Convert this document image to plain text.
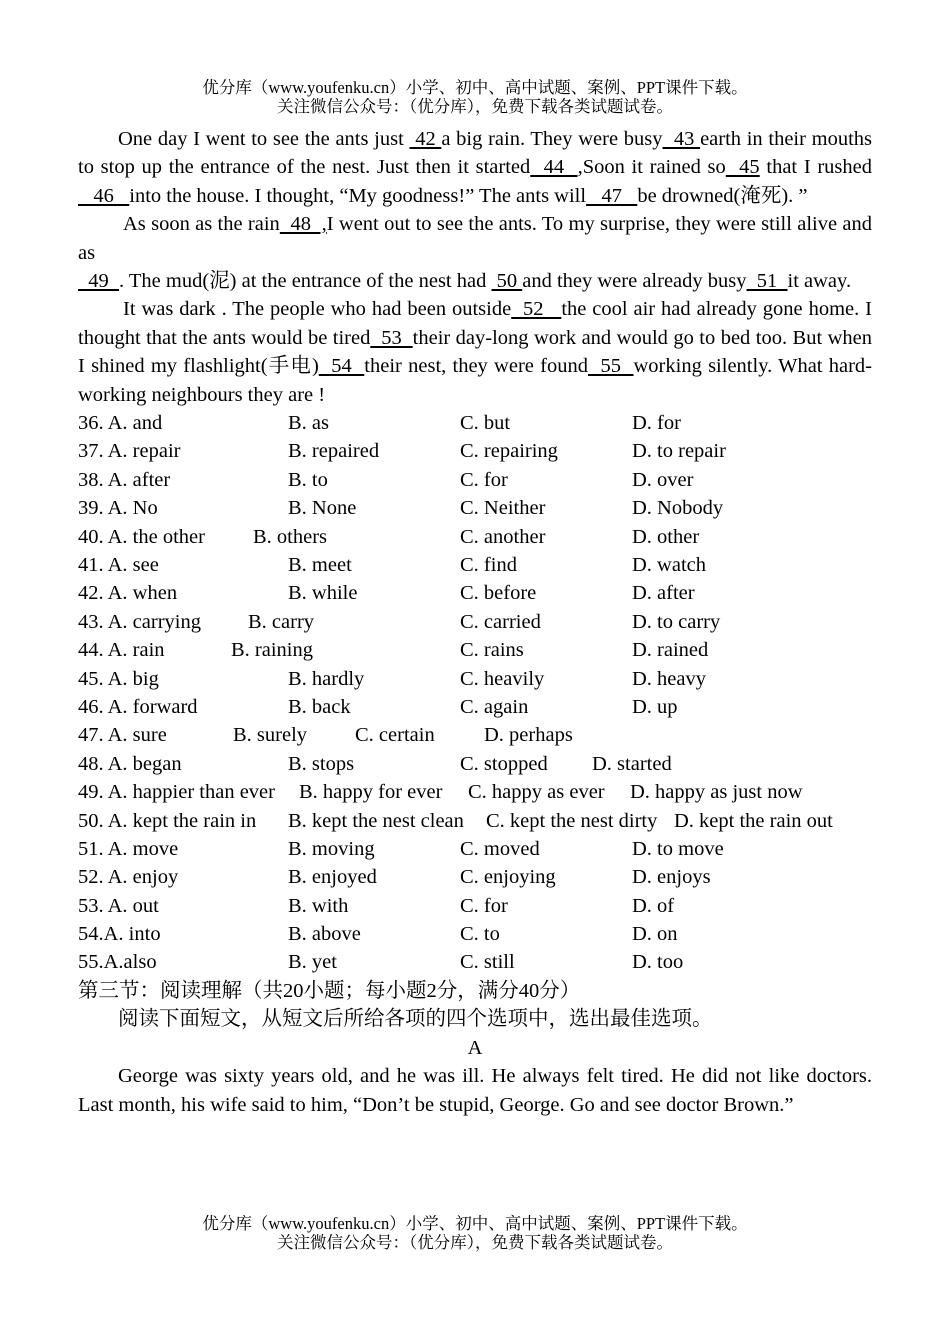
优分库（www.youfenku.cn）小学、初中、高中试题、案例、PPT课件下载。
关注微信公众号：（优分库），免费下载各类试题试卷。

One day I went to see the ants just  42 a big rain. They were busy  43 earth in their mouths to stop up the entrance of the nest. Just then it started  44  ,Soon it rained so  45 that I rushed   46   into the house. I thought, “My goodness!” The ants will   47   be drowned(淹死). ”

As soon as the rain  48  ,I went out to see the ants. To my surprise, they were still alive and as

49  . The mud(泥) at the entrance of the nest had  50 and they were already busy  51  it away.

It was dark . The people who had been outside  52   the cool air had already gone home. I thought that the ants would be tired  53  their day-long work and would go to bed too. But when I shined my flashlight(手电)  54  their nest, they were found  55  working silently. What hard-working neighbours they are !

36. A. and	B. as	C. but	D. for
37. A. repair	B. repaired	C. repairing	D. to repair
38. A. after	B. to	C. for	D. over
39. A. No	B. None	C. Neither	D. Nobody
40. A. the other B. others	C. another	D. other
41. A. see	B. meet	C. find	D. watch
42. A. when	B. while	C. before	D. after
43. A. carrying B. carry	C. carried	D. to carry
44. A. rain	B. raining	C. rains	D. rained
45. A. big	B. hardly	C. heavily	D. heavy
46. A. forward	B. back	C. again	D. up
47. A. sure	B. surely C. certain D. perhaps
48. A. began	B. stops	C. stopped D. started
49. A. happier than ever B. happy for ever C. happy as ever D. happy as just now
50. A. kept the rain in B. kept the nest clean C. kept the nest dirty D. kept the rain out
51. A. move	B. moving	C. moved	D. to move
52. A. enjoy	B. enjoyed	C. enjoying	D. enjoys
53. A. out	B. with	C. for	D. of
54.A. into	B. above	C. to	D. on
55.A.also	B. yet	C. still	D. too

第三节：阅读理解（共20小题；每小题2分，满分40分）

阅读下面短文，从短文后所给各项的四个选项中，选出最佳选项。

A

George was sixty years old, and he was ill. He always felt tired. He did not like doctors. Last month, his wife said to him, “Don’t be stupid, George. Go and see doctor Brown.”

优分库（www.youfenku.cn）小学、初中、高中试题、案例、PPT课件下载。
关注微信公众号：（优分库），免费下载各类试题试卷。
